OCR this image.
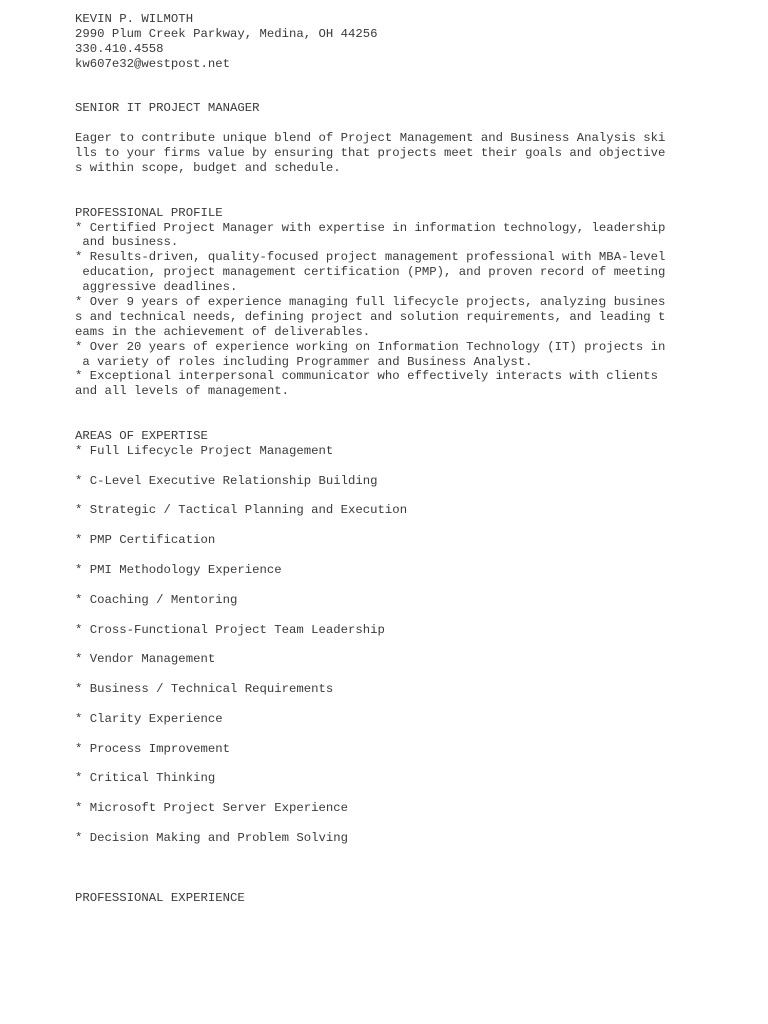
KEVIN P. WILMOTH
2990 Plum Creek Parkway, Medina, OH 44256
330.410.4558
kw607e32@westpost.net
SENIOR IT PROJECT MANAGER
Eager to contribute unique blend of Project Management and Business Analysis ski
lls to your firms value by ensuring that projects meet their goals and objective
s within scope, budget and schedule.
PROFESSIONAL PROFILE
* Certified Project Manager with expertise in information technology, leadership
and business.
* Results-driven, quality-focused project management professional with MBA-level
education, project management certification (PMP), and proven record of meeting
aggressive deadlines.
* Over 9 years of experience managing full lifecycle projects, analyzing busines
s and technical needs, defining project and solution requirements, and leading t
eams in the achievement of deliverables.
* Over 20 years of experience working on Information Technology (IT) projects in
a variety of roles including Programmer and Business Analyst.
* Exceptional interpersonal communicator who effectively interacts with clients
and all levels of management.
AREAS OF EXPERTISE
* Full Lifecycle Project Management
* C-Level Executive Relationship Building
* Strategic / Tactical Planning and Execution
* PMP Certification
* PMI Methodology Experience
* Coaching / Mentoring
* Cross-Functional Project Team Leadership
* Vendor Management
* Business / Technical Requirements
* Clarity Experience
* Process Improvement
* Critical Thinking
* Microsoft Project Server Experience
* Decision Making and Problem Solving
PROFESSIONAL EXPERIENCE
